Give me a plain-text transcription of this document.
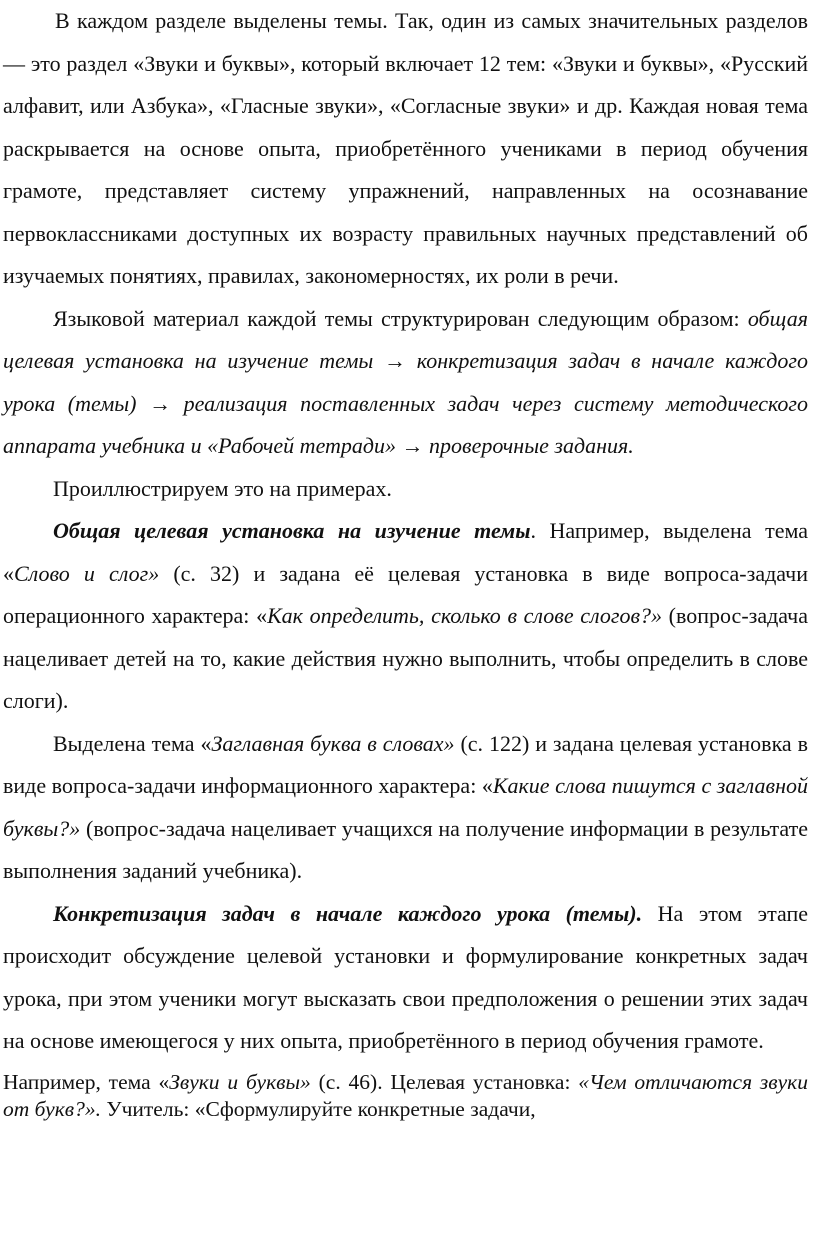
В каждом разделе выделены темы. Так, один из самых значительных разделов — это раздел «Звуки и буквы», который включает 12 тем: «Звуки и буквы», «Русский алфавит, или Азбука», «Гласные звуки», «Согласные звуки» и др. Каждая новая тема раскрывается на основе опыта, приобретённого учениками в период обучения грамоте, представляет систему упражнений, направленных на осознавание первоклассниками доступных их возрасту правильных научных представлений об изучаемых понятиях, правилах, закономерностях, их роли в речи.

Языковой материал каждой темы структурирован следующим образом: общая целевая установка на изучение темы → конкретизация задач в начале каждого урока (темы) → реализация поставленных задач через систему методического аппарата учебника и «Рабочей тетради» → проверочные задания.

Проиллюстрируем это на примерах.

Общая целевая установка на изучение темы. Например, выделена тема «Слово и слог» (с. 32) и задана её целевая установка в виде вопроса-задачи операционного характера: «Как определить, сколько в слове слогов?» (вопрос-задача нацеливает детей на то, какие действия нужно выполнить, чтобы определить в слове слоги).

Выделена тема «Заглавная буква в словах» (с. 122) и задана целевая установка в виде вопроса-задачи информационного характера: «Какие слова пишутся с заглавной буквы?» (вопрос-задача нацеливает учащихся на получение информации в результате выполнения заданий учебника).

Конкретизация задач в начале каждого урока (темы). На этом этапе происходит обсуждение целевой установки и формулирование конкретных задач урока, при этом ученики могут высказать свои предположения о решении этих задач на основе имеющегося у них опыта, приобретённого в период обучения грамоте.

Например, тема «Звуки и буквы» (с. 46). Целевая установка: «Чем отличаются звуки от букв?». Учитель: «Сформулируйте конкретные задачи,
